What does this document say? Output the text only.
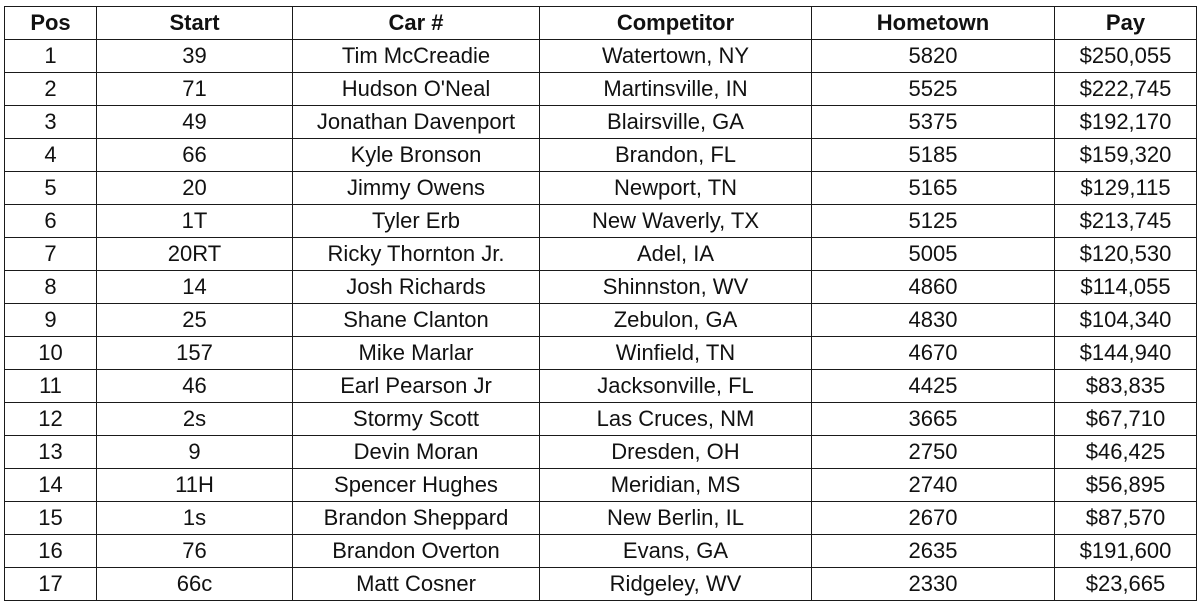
Pos	Start	Car #	Competitor	Hometown	Pay
1	39	Tim McCreadie	Watertown, NY	5820	$250,055
2	71	Hudson O'Neal	Martinsville, IN	5525	$222,745
3	49	Jonathan Davenport	Blairsville, GA	5375	$192,170
4	66	Kyle Bronson	Brandon, FL	5185	$159,320
5	20	Jimmy Owens	Newport, TN	5165	$129,115
6	1T	Tyler Erb	New Waverly, TX	5125	$213,745
7	20RT	Ricky Thornton Jr.	Adel, IA	5005	$120,530
8	14	Josh Richards	Shinnston, WV	4860	$114,055
9	25	Shane Clanton	Zebulon, GA	4830	$104,340
10	157	Mike Marlar	Winfield, TN	4670	$144,940
11	46	Earl Pearson Jr	Jacksonville, FL	4425	$83,835
12	2s	Stormy Scott	Las Cruces, NM	3665	$67,710
13	9	Devin Moran	Dresden, OH	2750	$46,425
14	11H	Spencer Hughes	Meridian, MS	2740	$56,895
15	1s	Brandon Sheppard	New Berlin, IL	2670	$87,570
16	76	Brandon Overton	Evans, GA	2635	$191,600
17	66c	Matt Cosner	Ridgeley, WV	2330	$23,665
